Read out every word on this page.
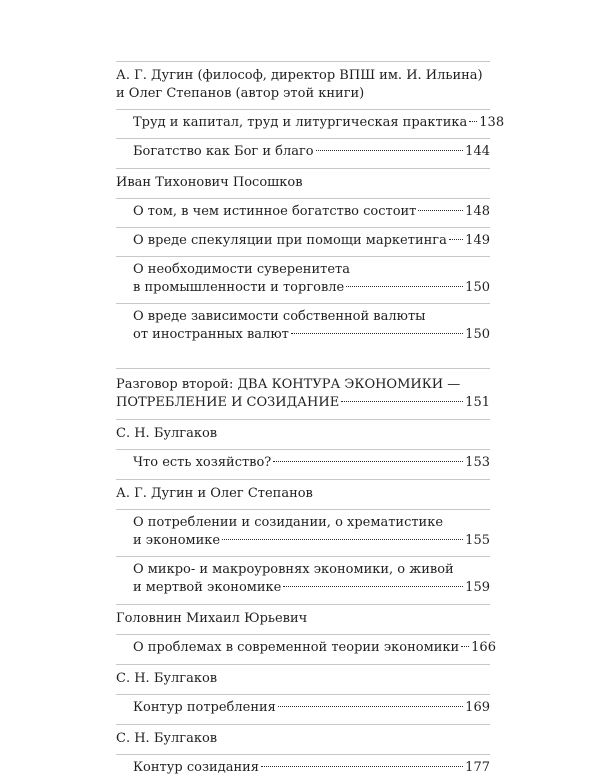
А. Г. Дугин (философ, директор ВПШ им. И. Ильина)
и Олег Степанов (автор этой книги)
Труд и капитал, труд и литургическая практика 138
Богатство как Бог и благо	144
Иван Тихонович Посошков
О том, в чем истинное богатство состоит	148
О вреде спекуляции при помощи маркетинга 149
О необходимости суверенитета
в промышленности и торговле	150
О вреде зависимости собственной валюты
от иностранных валют	150
Разговор второй: ДВА КОНТУРА ЭКОНОМИКИ —
ПОТРЕБЛЕНИЕ И СОЗИДАНИЕ	151
С. Н. Булгаков
Что есть хозяйство?	153
А. Г. Дугин и Олег Степанов
О потреблении и созидании, о хрематистике
и экономике	155
О микро- и макроуровнях экономики, о живой
и мертвой экономике	159
Головнин Михаил Юрьевич
О проблемах в современной теории экономики 166
С. Н. Булгаков
Контур потребления	169
С. Н. Булгаков
Контур созидания	177
